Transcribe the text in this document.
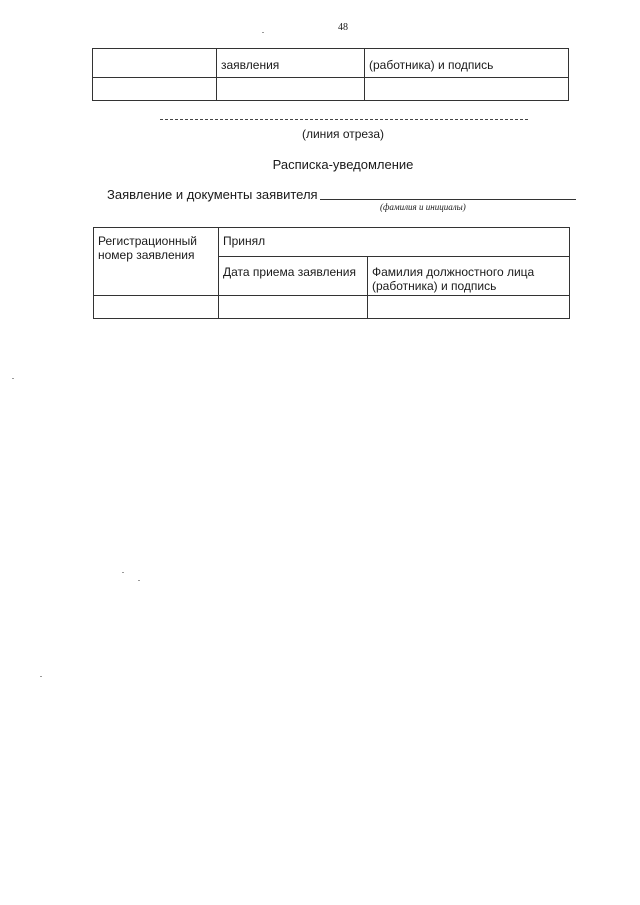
48
	заявления	(работника) и подпись

(линия отреза)
Расписка-уведомление
Заявление и документы заявителя
(фамилия и инициалы)
Регистрационный номер заявления	Принял	
	Дата приема заявления	Фамилия должностного лица (работника) и подпись
